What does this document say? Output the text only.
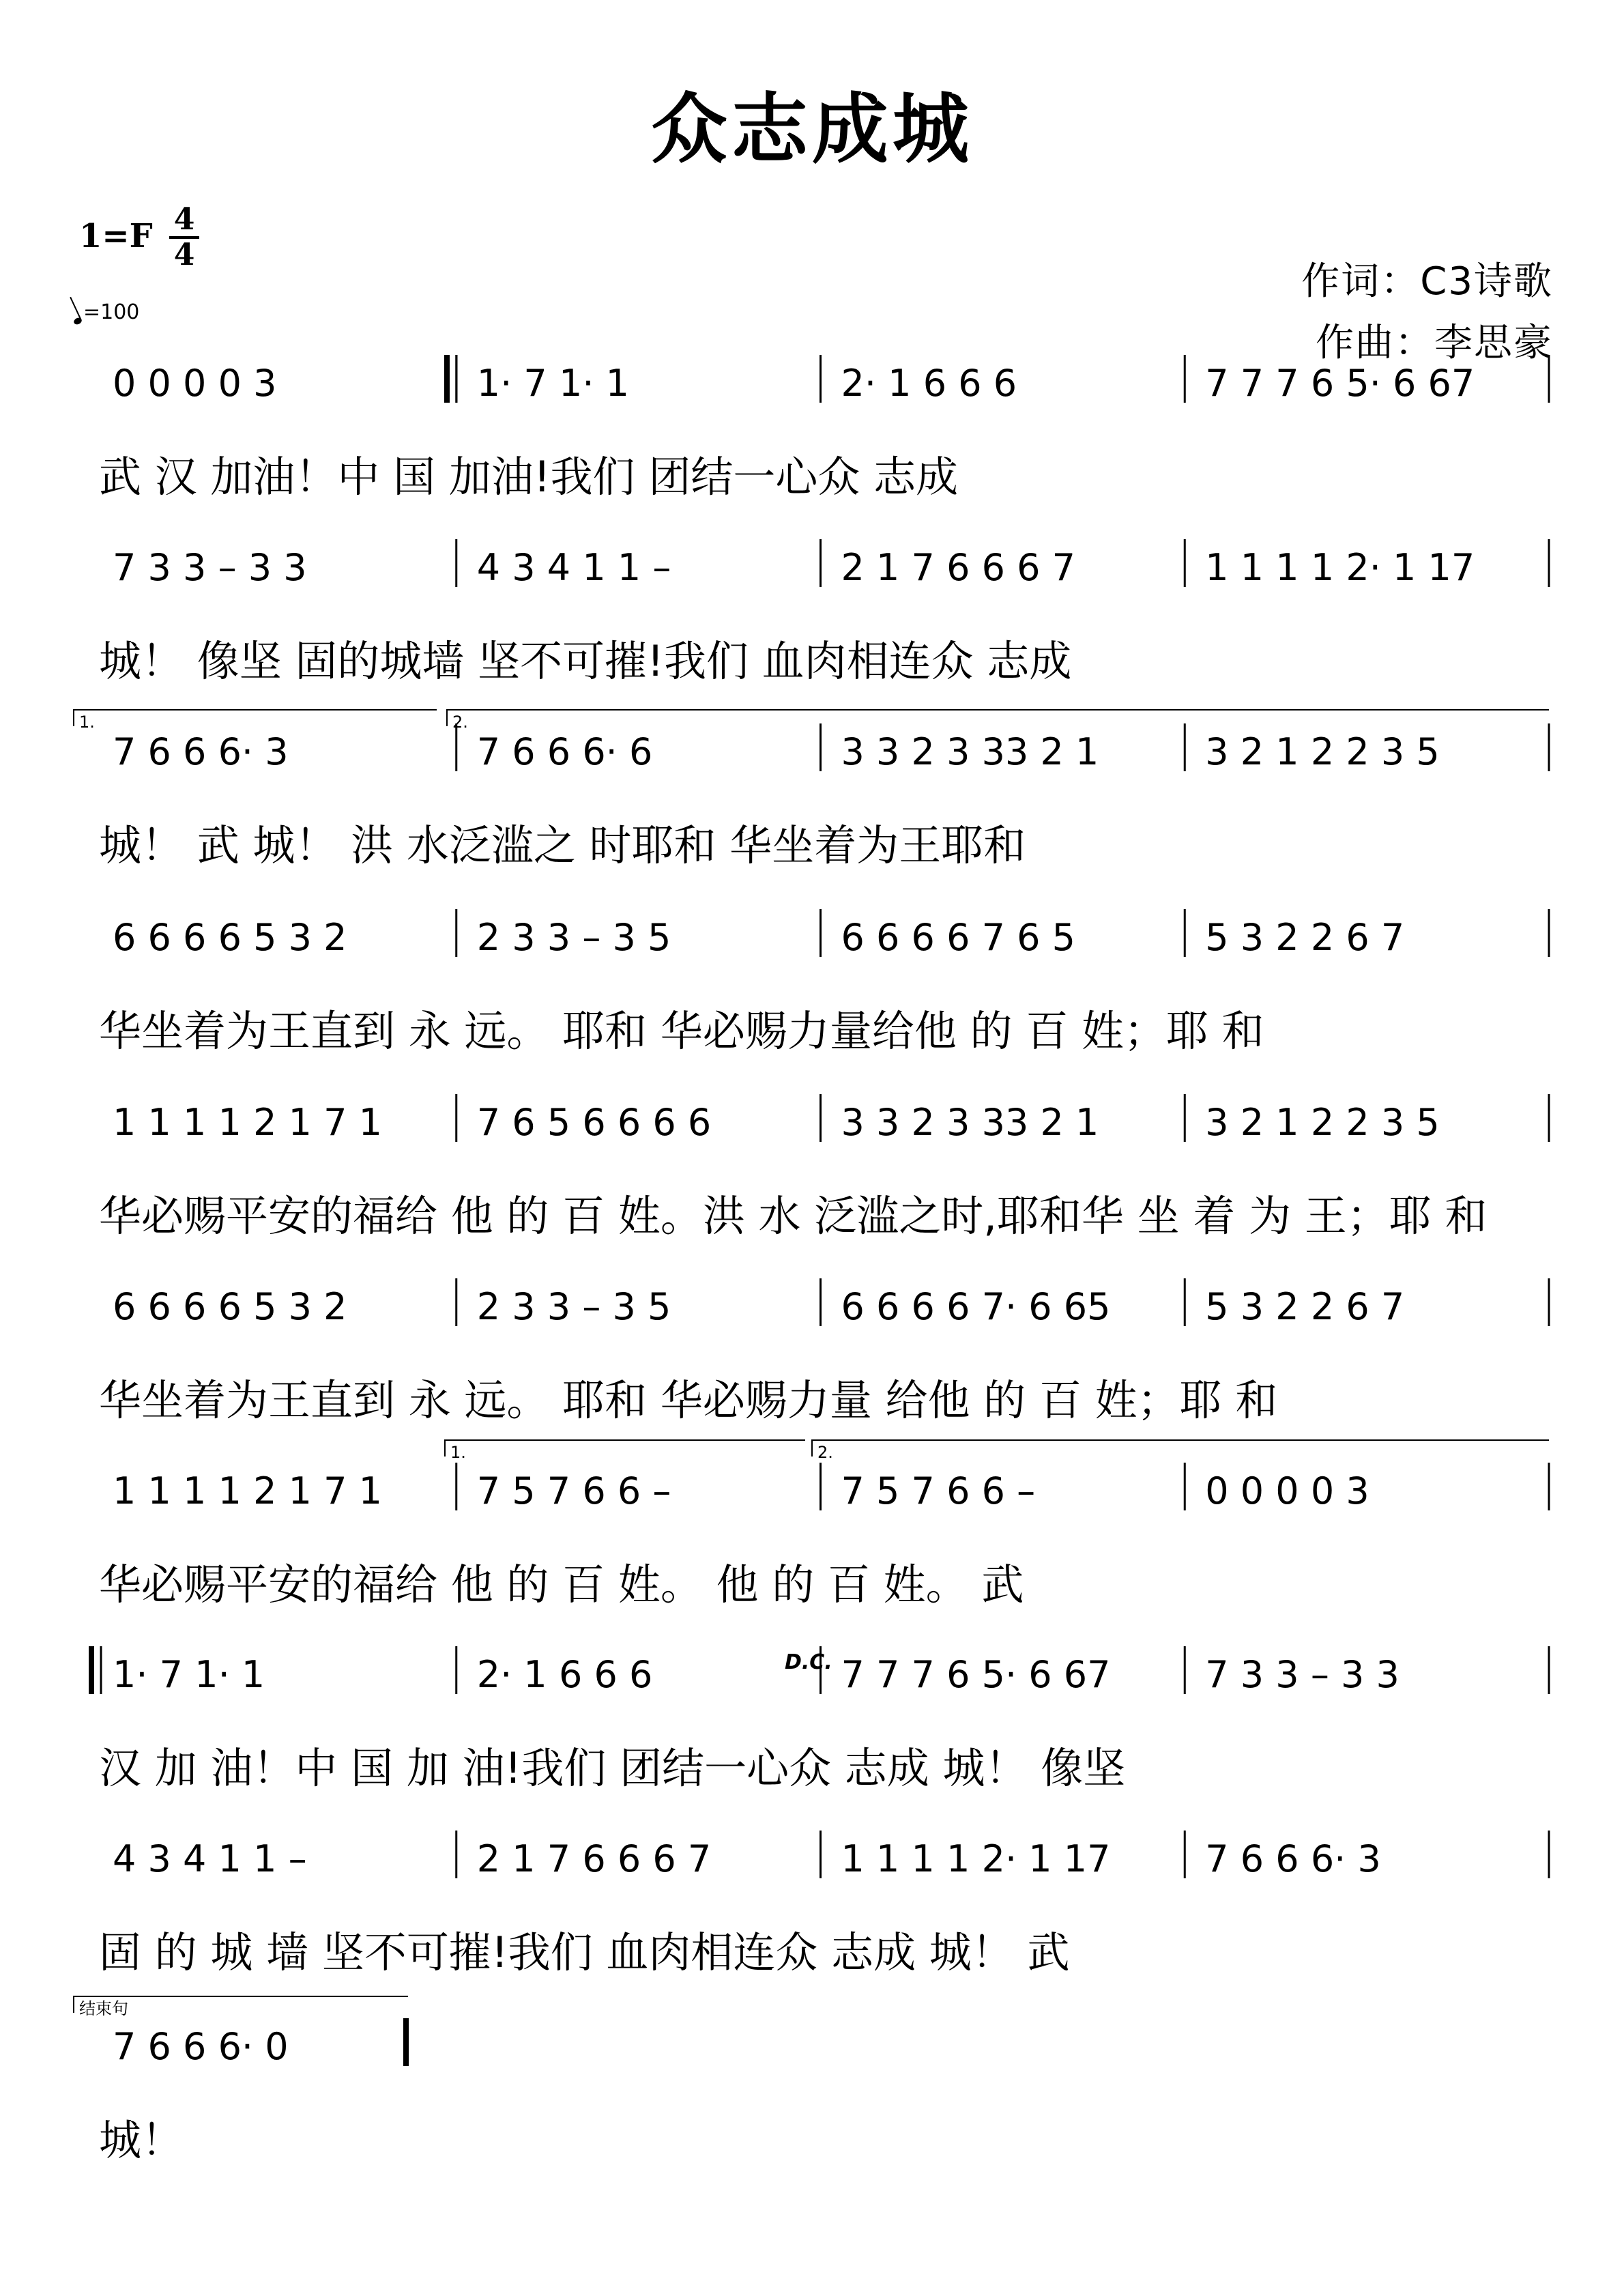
众志成城
1=F 4
4
=100
作词：C3诗歌
作曲：李思豪
0 0 0 0 3	1· 7 1· 1	2· 1 6 6 6	7 7 7 6 5· 6 67
武 汉 加油！中 国 加油!我们 团结一心众 志成
7 3 3 – 3 3	4 3 4 1 1 –	2 1 7 6 6 6 7	1 1 1 1 2· 1 17
城！ 像坚 固的城墙 坚不可摧!我们 血肉相连众 志成
7 6 6 6· 3	7 6 6 6· 6	3 3 2 3 33 2 1	3 2 1 2 2 3 5
城！ 武 城！ 洪 水泛滥之 时耶和 华坐着为王耶和
6 6 6 6 5 3 2	2 3 3 – 3 5	6 6 6 6 7 6 5	5 3 2 2 6 7
华坐着为王直到 永 远。 耶和 华必赐力量给他 的 百 姓；耶 和
1 1 1 1 2 1 7 1	7 6 5 6 6 6 6	3 3 2 3 33 2 1	3 2 1 2 2 3 5
华必赐平安的福给 他 的 百 姓。洪 水 泛滥之时,耶和华 坐 着 为 王；耶 和
6 6 6 6 5 3 2	2 3 3 – 3 5	6 6 6 6 7· 6 65	5 3 2 2 6 7
华坐着为王直到 永 远。 耶和 华必赐力量 给他 的 百 姓；耶 和
1 1 1 1 2 1 7 1	7 5 7 6 6 –	7 5 7 6 6 –	0 0 0 0 3
华必赐平安的福给 他 的 百 姓。 他 的 百 姓。 武
1· 7 1· 1	2· 1 6 6 6	7 7 7 6 5· 6 67	7 3 3 – 3 3
汉 加 油！中 国 加 油!我们 团结一心众 志成 城！ 像坚
4 3 4 1 1 –	2 1 7 6 6 6 7	1 1 1 1 2· 1 17	7 6 6 6· 3
固 的 城 墙 坚不可摧!我们 血肉相连众 志成 城！ 武
7 6 6 6· 0
城！
1.	2.
1.	2.
结束句
D.C.
